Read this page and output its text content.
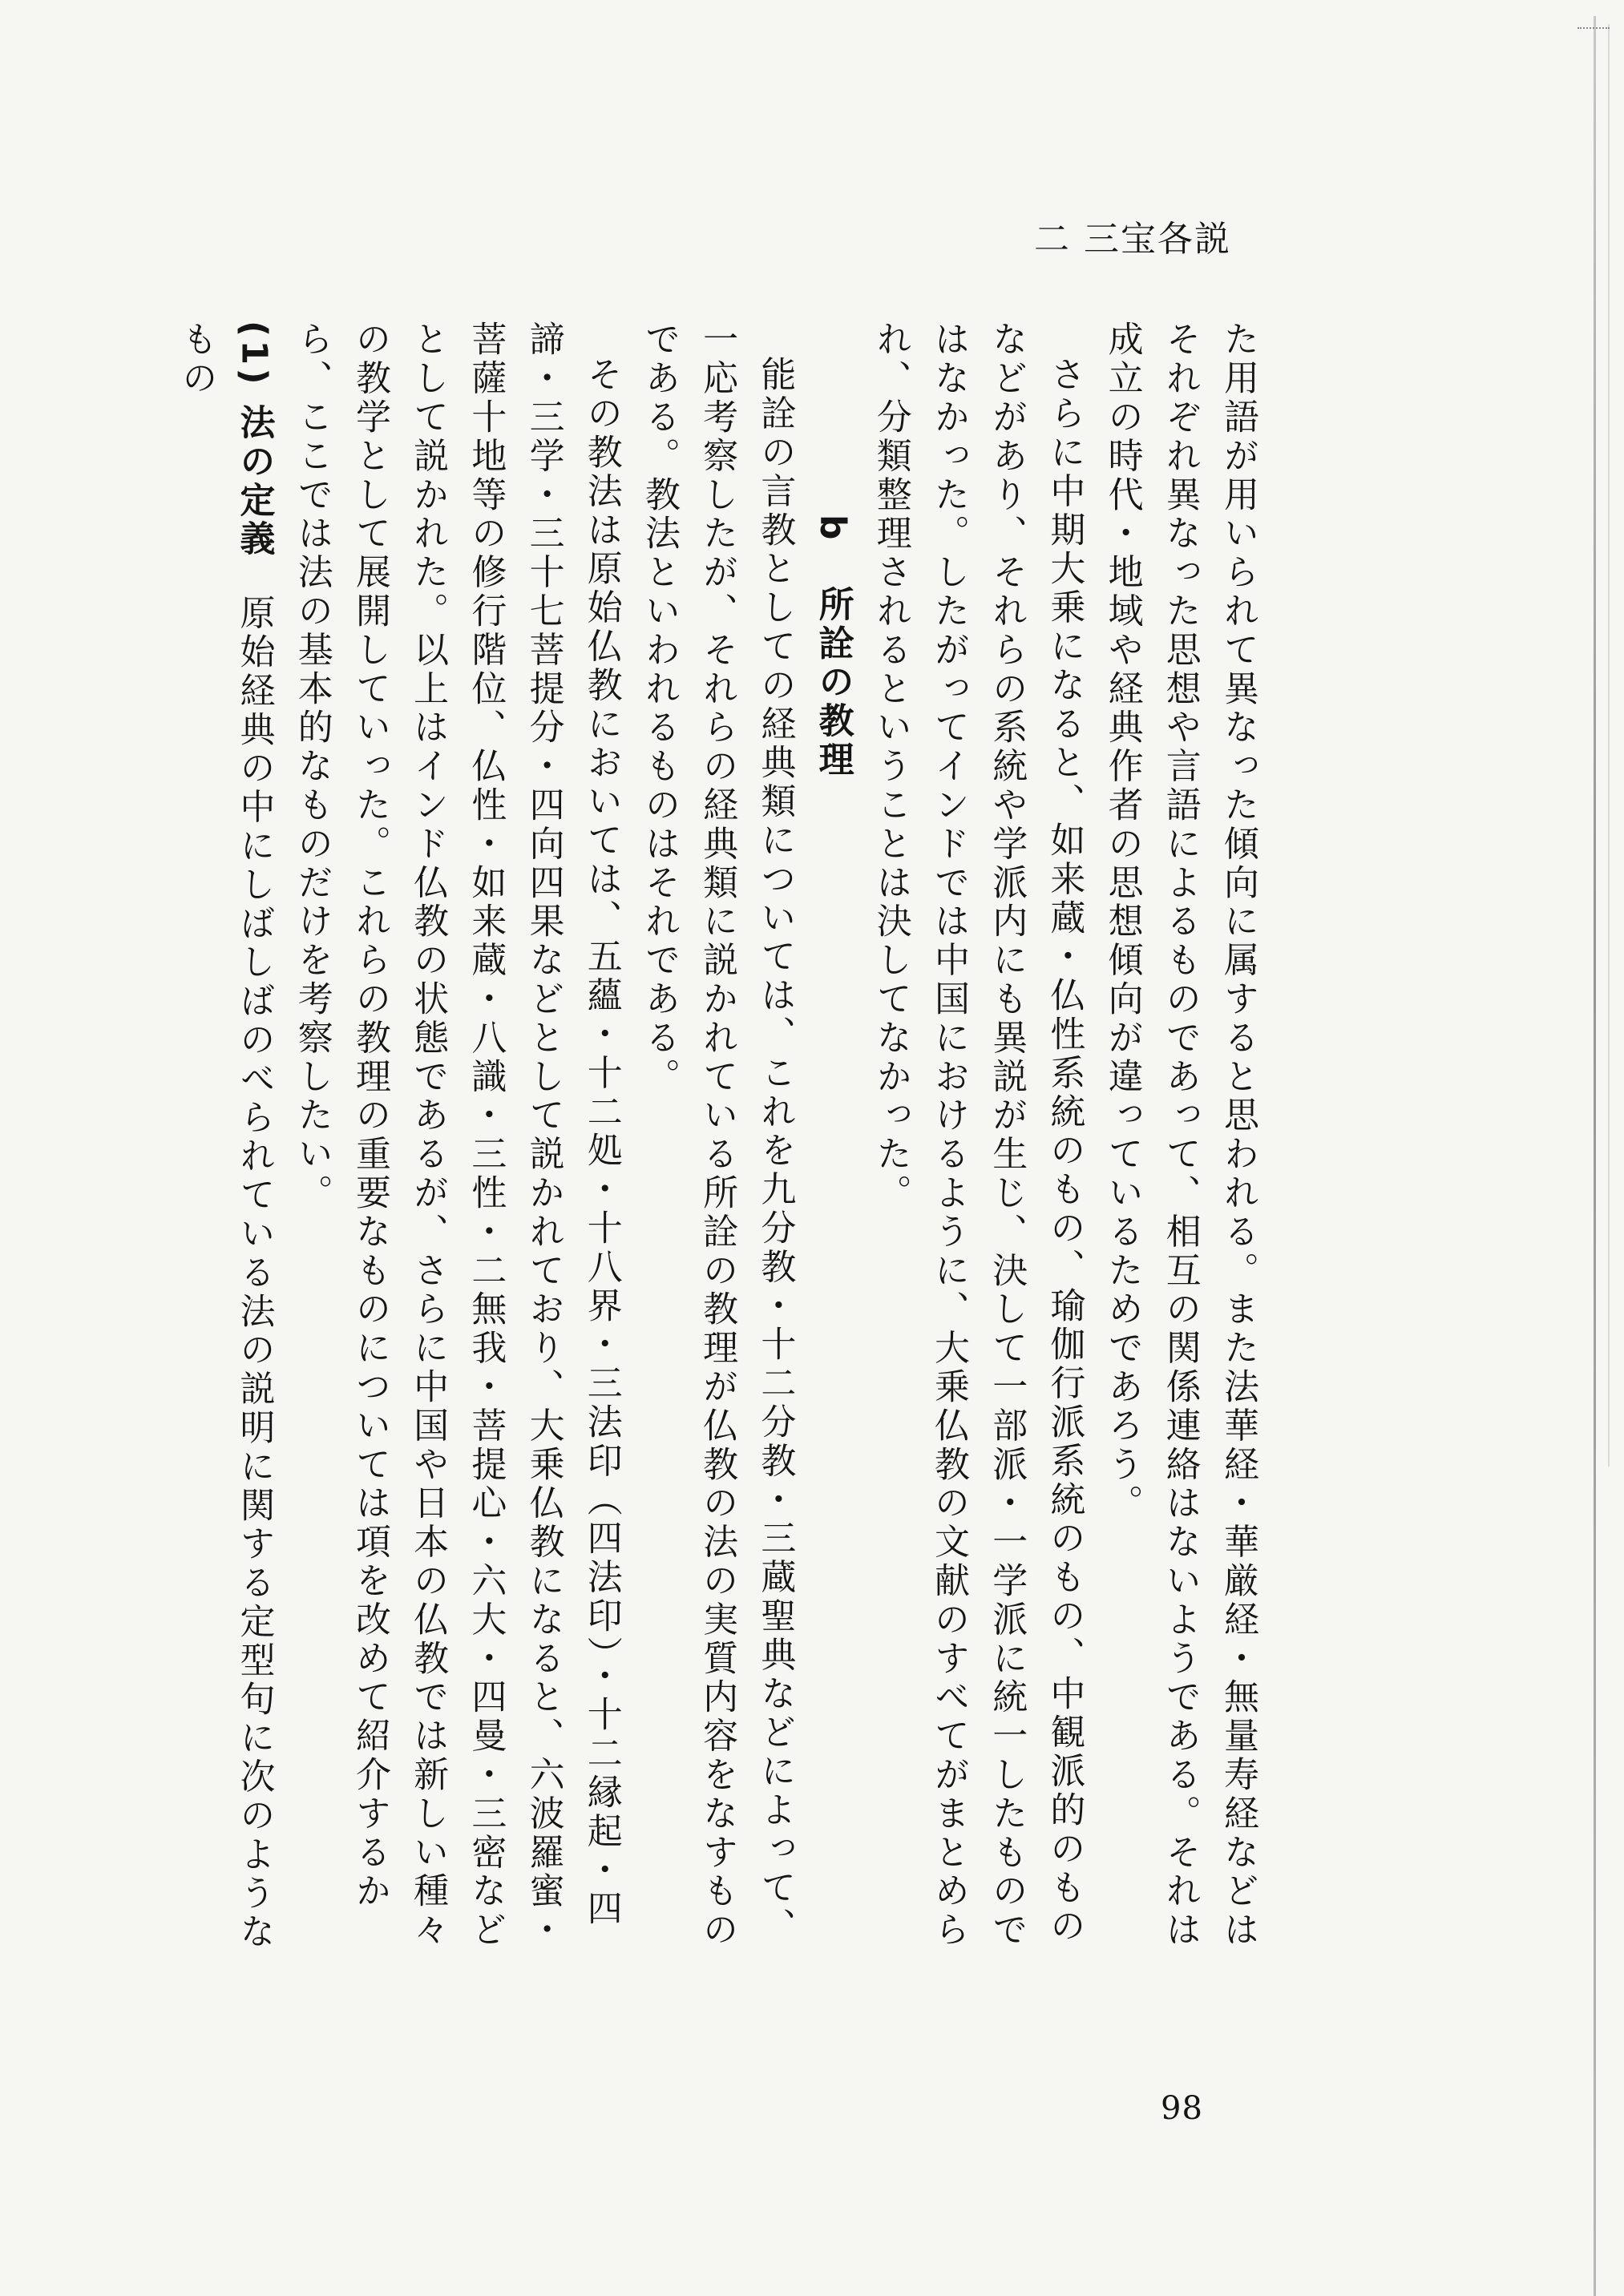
二 三宝各説

た用語が用いられて異なった傾向に属すると思われる。また法華経・華厳経・無量寿経などはそれぞれ異なった思想や言語によるものであって、相互の関係連絡はないようである。それは成立の時代・地域や経典作者の思想傾向が違っているためであろう。

さらに中期大乗になると、如来蔵・仏性系統のもの、瑜伽行派系統のもの、中観派的のものなどがあり、それらの系統や学派内にも異説が生じ、決して一部派・一学派に統一したものではなかった。したがってインドでは中国におけるように、大乗仏教の文献のすべてがまとめられ、分類整理されるということは決してなかった。

b所詮の教理

能詮の言教としての経典類については、これを九分教・十二分教・三蔵聖典などによって、一応考察したが、それらの経典類に説かれている所詮の教理が仏教の法の実質内容をなすものである。教法といわれるものはそれである。

その教法は原始仏教においては、五蘊・十二処・十八界・三法印（四法印）・十二縁起・四諦・三学・三十七菩提分・四向四果などとして説かれており、大乗仏教になると、六波羅蜜・菩薩十地等の修行階位、仏性・如来蔵・八識・三性・二無我・菩提心・六大・四曼・三密などとして説かれた。以上はインド仏教の状態であるが、さらに中国や日本の仏教では新しい種々の教学として展開していった。これらの教理の重要なものについては項を改めて紹介するから、ここでは法の基本的なものだけを考察したい。

(1) 法の定義原始経典の中にしばしばのべられている法の説明に関する定型句に次のようなもの

98
